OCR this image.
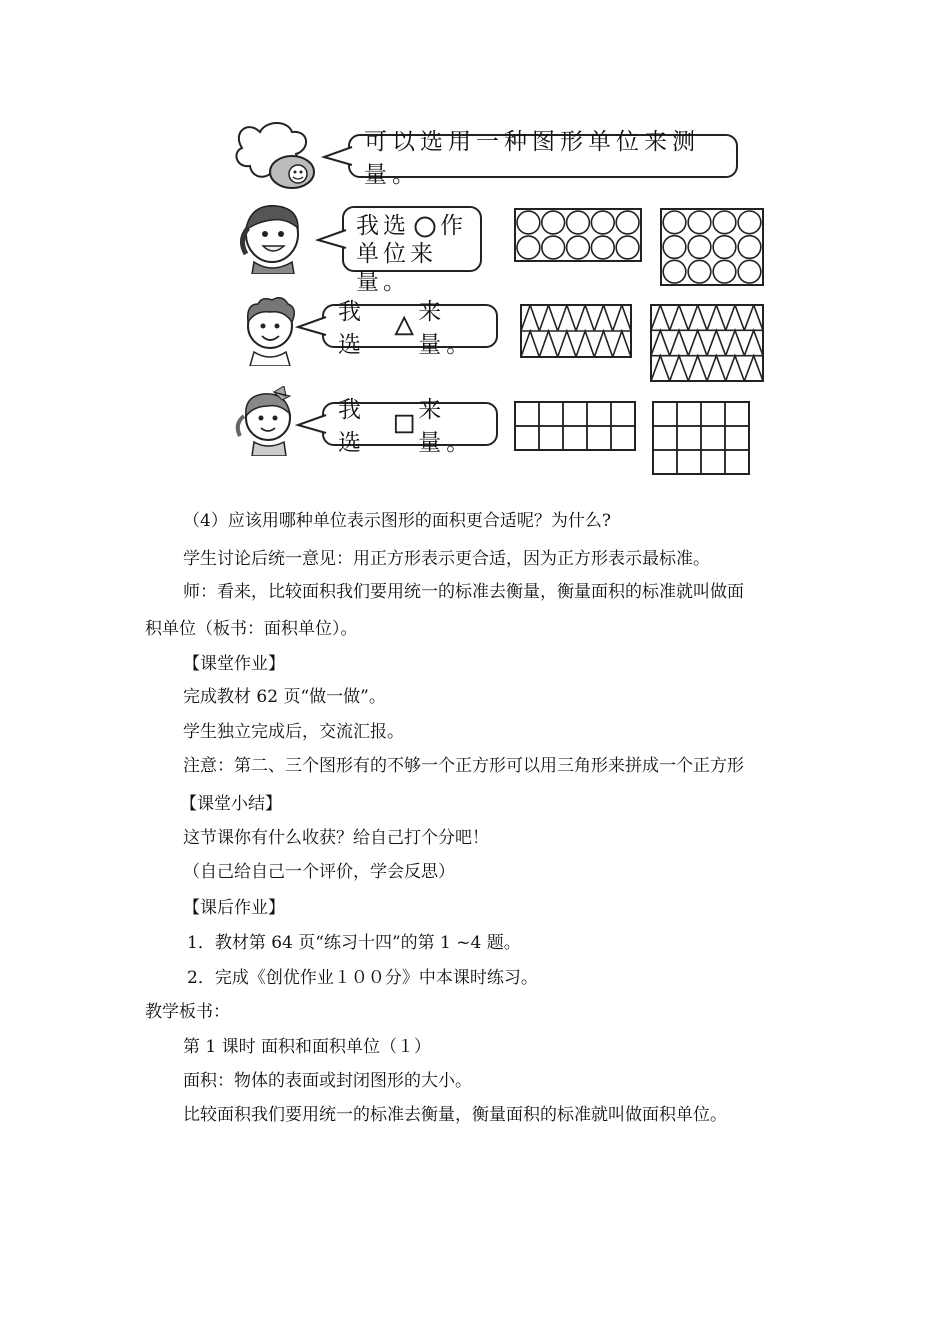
可以选用一种图形单位来测量。
我选 作
单位来量。
我选
来量。
我选
来量。
（4）应该用哪种单位表示图形的面积更合适呢？为什么?
学生讨论后统一意见：用正方形表示更合适，因为正方形表示最标准。
师：看来，比较面积我们要用统一的标准去衡量，衡量面积的标准就叫做面
积单位（板书：面积单位）。
【课堂作业】
完成教材 62 页“做一做”。
学生独立完成后，交流汇报。
注意：第二、三个图形有的不够一个正方形可以用三角形来拼成一个正方形
【课堂小结】
这节课你有什么收获？给自己打个分吧！
（自己给自己一个评价，学会反思）
【课后作业】
1．教材第 64 页“练习十四”的第 1 ~4 题。
2．完成《创优作业１００分》中本课时练习。
教学板书：
第 1 课时 面积和面积单位（１）
面积：物体的表面或封闭图形的大小。
比较面积我们要用统一的标准去衡量，衡量面积的标准就叫做面积单位。
